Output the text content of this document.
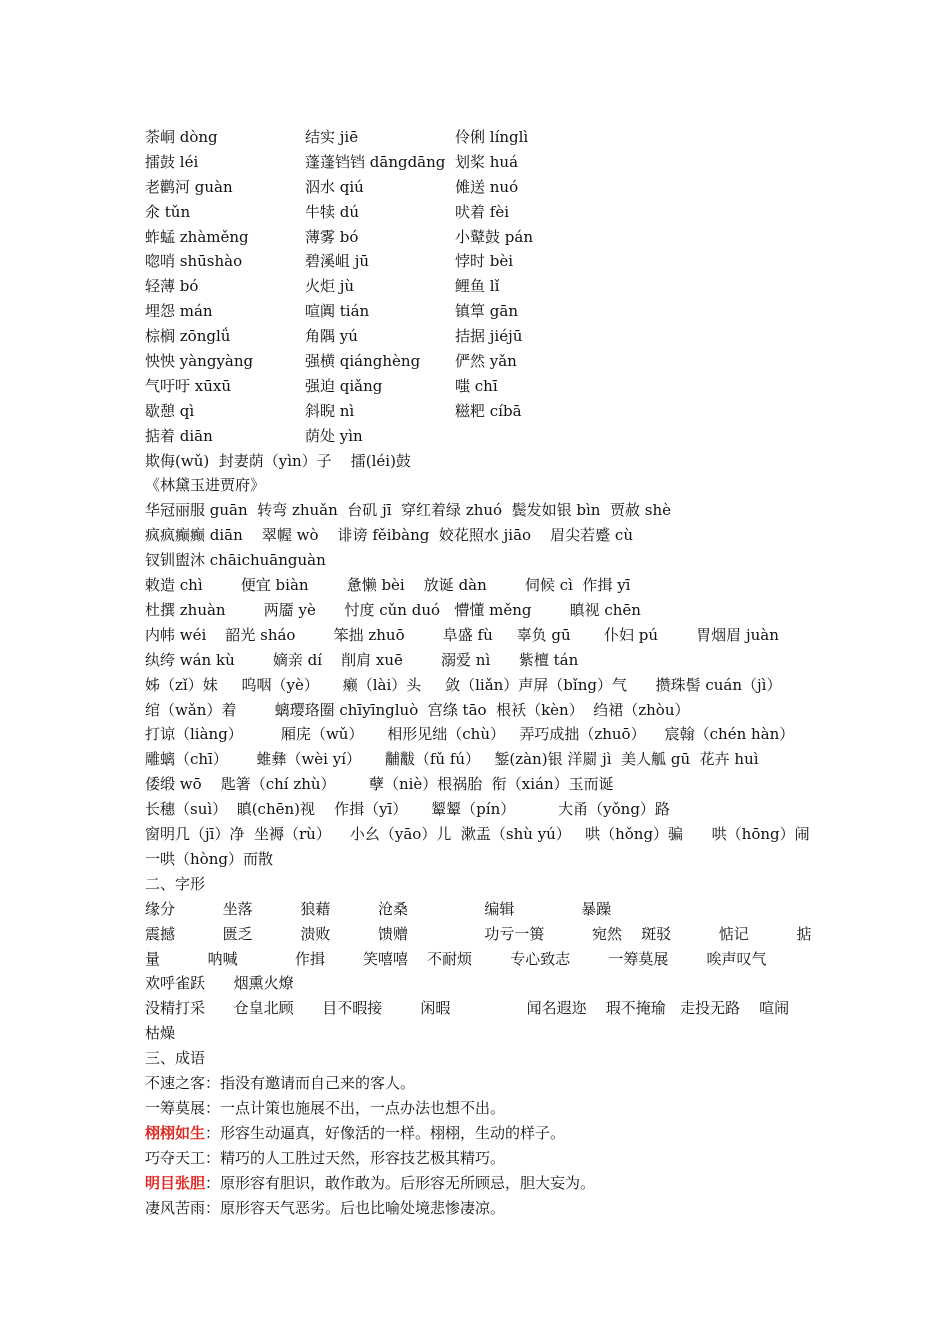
荼峒 dòng	结实 jiē	伶俐 línglì
擂鼓 léi	蓬蓬铛铛 dāngdāng 划桨 huá
老鹳河 guàn	泅水 qiú	傩送 nuó
氽 tǔn	牛犊 dú	吠着 fèi
蚱蜢 zhàměng	薄雾 bó	小鼙鼓 pán
唿哨 shūshào	碧溪岨 jū	悖时 bèi
轻薄 bó	火炬 jù	鲤鱼 lǐ
埋怨 mán	喧阗 tián	镇筸 gān
棕榈 zōnglǘ	角隅 yú	拮据 jiéjū
怏怏 yàngyàng	强横 qiánghèng 俨然 yǎn
气吁吁 xūxū	强迫 qiǎng	嗤 chī
歇憩 qì	斜睨 nì	糍粑 cíbā
掂着 diān	荫处 yìn
欺侮(wǔ)  封妻荫（yìn）子    擂(léi)鼓
《林黛玉进贾府》
华冠丽服 guān  转弯 zhuǎn  台矶 jī  穿红着绿 zhuó  鬓发如银 bìn  贾赦 shè
疯疯癫癫 diān    翠幄 wò    诽谤 fěibàng  姣花照水 jiāo    眉尖若蹙 cù
钗钏盥沐 chāichuānguàn
敕造 chì        便宜 biàn        惫懒 bèi    放诞 dàn        伺候 cì  作揖 yī
杜撰 zhuàn        两靥 yè      忖度 cǔn duó   懵懂 měng        瞋视 chēn
内帏 wéi    韶光 sháo        笨拙 zhuō        阜盛 fù     辜负 gū       仆妇 pú        胃烟眉 juàn        纨绔 wán kù        嫡亲 dí    削肩 xuē        溺爱 nì      紫檀 tán
姊（zǐ）妹     呜咽（yè）     癞（lài）头     敛（liǎn）声屏（bǐng）气      攒珠髻 cuán（jì）
绾（wǎn）着        螭璎珞圈 chīyīngluò  宫绦 tāo  根袄（kèn）  绉裙（zhòu）
打谅（liàng）        厢庑（wǔ）     相形见绌（chù）   弄巧成拙（zhuō）    宸翰（chén hàn）       雕螭（chī）      蜼彝（wèi yí）     黼黻（fǔ fú）   錾(zàn)银 洋罽 jì  美人觚 gū  花卉 huì
倭缎 wō    匙箸（chí zhù）       孽（niè）根祸胎  衔（xián）玉而诞
长穗（suì）  瞋(chēn)视    作揖（yī）     颦颦（pín）         大甬（yǒng）路
窗明几（jī）净  坐褥（rù）    小幺（yāo）儿  漱盂（shù yú）   哄（hǒng）骗      哄（hōng）闹      一哄（hòng）而散
二、字形
缘分          坐落          狼藉          沧桑                编辑              暴躁
震撼          匮乏          溃败          馈赠                功亏一篑          宛然    斑驳          惦记          掂量          呐喊            作揖        笑嘻嘻    不耐烦        专心致志        一筹莫展        唉声叹气            欢呼雀跃      烟熏火燎
没精打采      仓皇北顾      目不暇接        闲暇                闻名遐迩    瑕不掩瑜   走投无路    喧闹      枯燥
三、成语
不速之客：指没有邀请而自己来的客人。
一筹莫展：一点计策也施展不出，一点办法也想不出。
栩栩如生：形容生动逼真，好像活的一样。栩栩，生动的样子。
巧夺天工：精巧的人工胜过天然，形容技艺极其精巧。
明目张胆：原形容有胆识，敢作敢为。后形容无所顾忌，胆大妄为。
凄风苦雨：原形容天气恶劣。后也比喻处境悲惨凄凉。
